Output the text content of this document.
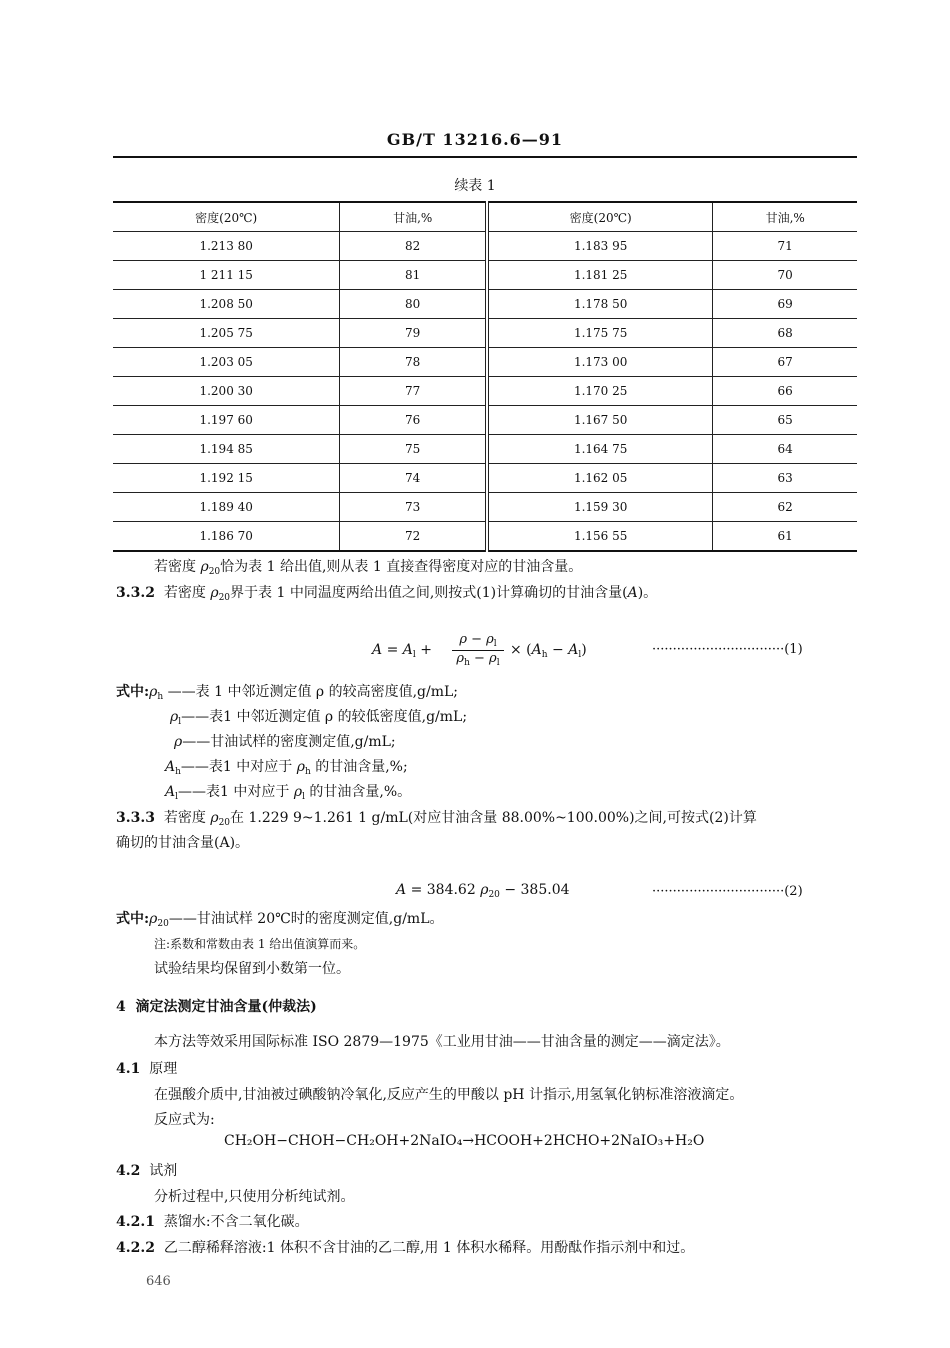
GB/T 13216.6—91
续表 1
密度(20℃)	甘油,%	密度(20℃)	甘油,%
1.213 80	82	1.183 95	71
1 211 15	81	1.181 25	70
1.208 50	80	1.178 50	69
1.205 75	79	1.175 75	68
1.203 05	78	1.173 00	67
1.200 30	77	1.170 25	66
1.197 60	76	1.167 50	65
1.194 85	75	1.164 75	64
1.192 15	74	1.162 05	63
1.189 40	73	1.159 30	62
1.186 70	72	1.156 55	61
若密度 $\rho_{20}$恰为表 1 给出值,则从表 1 直接查得密度对应的甘油含量。
3.3.2 若密度 $\rho_{20}$界于表 1 中同温度两给出值之间,则按式(1)计算确切的甘油含量(A)。
$A = A_l$ +
$\rho - \rho_l$
$\rho_h - \rho_l$
× $(A_h - A_l)$	································(1)
式中$:\rho_h$ ——表 1 中邻近测定值 ρ 的较高密度值,g/mL;
$\rho_l——$表1 中邻近测定值 ρ 的较低密度值,g/mL;
ρ——甘油试样的密度测定值,g/mL;
$A_h——$表1 中对应于 $\rho_h$ 的甘油含量,%;
$A_l——$表1 中对应于 $\rho_l$ 的甘油含量,%。
3.3.3 若密度 $\rho_{20}$在 1.229 9~1.261 1 g/mL(对应甘油含量 88.00%~100.00%)之间,可按式(2)计算
确切的甘油含量(A)。
A = 384.62 $\rho_{20} - 385.04$	································(2)
式中$:\rho_{20}——$甘油试样 20℃时的密度测定值,g/mL。
注:系数和常数由表 1 给出值演算而来。
试验结果均保留到小数第一位。
4 滴定法测定甘油含量(仲裁法)
本方法等效采用国际标准 ISO 2879—1975《工业用甘油——甘油含量的测定——滴定法》。
4.1 原理
在强酸介质中,甘油被过碘酸钠冷氧化,反应产生的甲酸以 pH 计指示,用氢氧化钠标准溶液滴定。
反应式为:
CH₂OH−CHOH−CH₂OH+2NaIO₄→HCOOH+2HCHO+2NaIO₃+H₂O
4.2 试剂
分析过程中,只使用分析纯试剂。
4.2.1 蒸馏水:不含二氧化碳。
4.2.2 乙二醇稀释溶液:1 体积不含甘油的乙二醇,用 1 体积水稀释。用酚酞作指示剂中和过。
646
